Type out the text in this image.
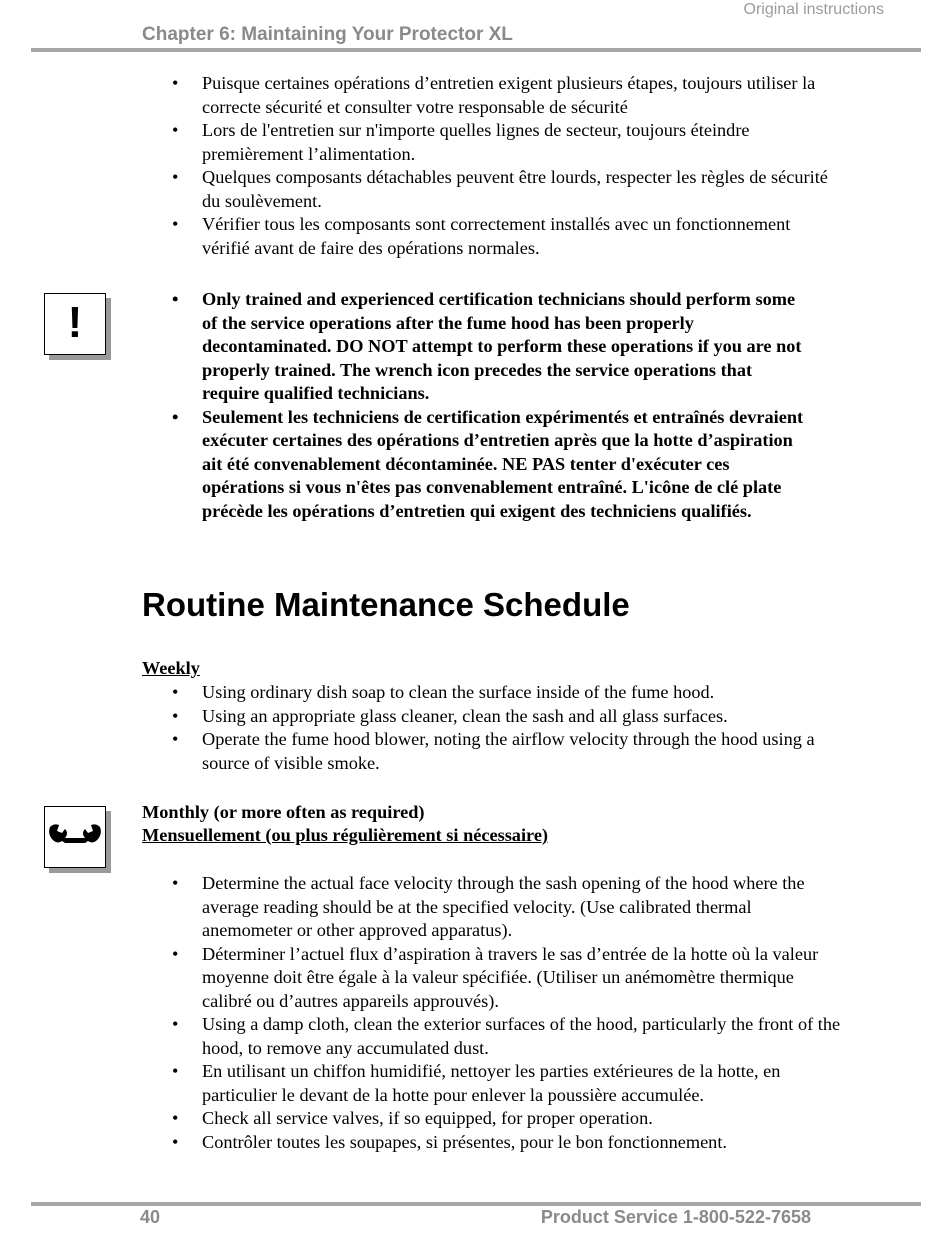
Original instructions
Chapter 6: Maintaining Your Protector XL
• Puisque certaines opérations d’entretien exigent plusieurs étapes, toujours utiliser la correcte sécurité et consulter votre responsable de sécurité
• Lors de l'entretien sur n'importe quelles lignes de secteur, toujours éteindre premièrement l’alimentation.
• Quelques composants détachables peuvent être lourds, respecter les règles de sécurité du soulèvement.
• Vérifier tous les composants sont correctement installés avec un fonctionnement vérifié avant de faire des opérations normales.
!
•	Only trained and experienced certification technicians should perform some of the service operations after the fume hood has been properly decontaminated. DO NOT attempt to perform these operations if you are not properly trained. The wrench icon precedes the service operations that require qualified technicians.
• Seulement les techniciens de certification expérimentés et entraînés devraient exécuter certaines des opérations d’entretien après que la hotte d’aspiration ait été convenablement décontaminée. NE PAS tenter d'exécuter ces opérations si vous n'êtes pas convenablement entraîné. L'icône de clé plate précède les opérations d’entretien qui exigent des techniciens qualifiés.
Routine Maintenance Schedule
Weekly
• Using ordinary dish soap to clean the surface inside of the fume hood.
• Using an appropriate glass cleaner, clean the sash and all glass surfaces.
• Operate the fume hood blower, noting the airflow velocity through the hood using a source of visible smoke.
Monthly (or more often as required)
Mensuellement (ou plus régulièrement si nécessaire)
• Determine the actual face velocity through the sash opening of the hood where the average reading should be at the specified velocity. (Use calibrated thermal anemometer or other approved apparatus).
• Déterminer l’actuel flux d’aspiration à travers le sas d’entrée de la hotte où la valeur moyenne doit être égale à la valeur spécifiée. (Utiliser un anémomètre thermique calibré ou d’autres appareils approuvés).
• Using a damp cloth, clean the exterior surfaces of the hood, particularly the front of the hood, to remove any accumulated dust.
• En utilisant un chiffon humidifié, nettoyer les parties extérieures de la hotte, en particulier le devant de la hotte pour enlever la poussière accumulée.
• Check all service valves, if so equipped, for proper operation.
• Contrôler toutes les soupapes, si présentes, pour le bon fonctionnement.
40	Product Service 1-800-522-7658
